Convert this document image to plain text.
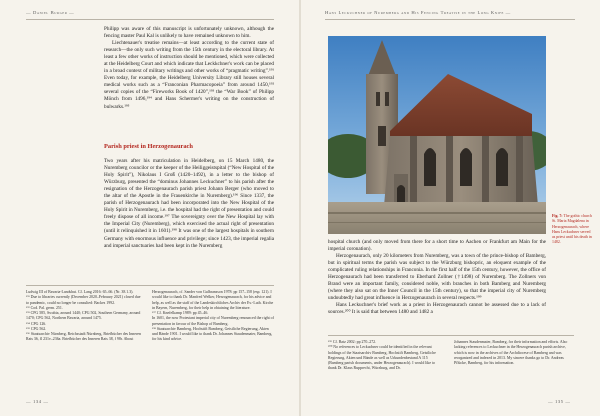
— Daniel Burger —

Philipp was aware of this manuscript is unfortunately unknown, although the fencing master Paul Kal is unlikely to have remained unknown to him.

Liechtenauer's treatise remains—at least according to the current state of research—the only such writing from the 15th century in the electoral library. At least a few other works of instruction should be mentioned, which were collected at the Heidelberg Court and which indicate that Leckkchner's work can be placed in a broad context of military writings and other works of “pragmatic writing”.¹⁹¹ Even today, for example, the Heidelberg University Library still houses several medical works such as a “Franconian Pharmacopoeia” from around 1450,¹⁹² several copies of the “Fireworks Book of 1420”,¹⁹³ the “War Book” of Philipp Mönch from 1496,¹⁹⁴ and Hans Schermer's writing on the construction of bulwarks.¹⁹⁵

Parish priest in Herzogenaurach

Two years after his matriculation in Heidelberg, on 15 March 1480, the Nuremberg councilor or the keeper of the Heiliggeistspital (“New Hospital of the Holy Spirit”), Nikolaus I Groß (1420–1492), in a letter to the bishop of Würzburg, presented the “dominus Johannes Leckuchner” to his parish after the resignation of the Herzogenaurach parish priest Johann Berger (who moved to the altar of the Apostle in the Frauenkirche in Nuremberg).¹⁹⁶ Since 1337, the parish of Herzogenaurach had been incorporated into the New Hospital of the Holy Spirit in Nuremberg, i.e. the hospital had the right of presentation and could freely dispose of all income.¹⁹⁷ The sovereignty over the New Hospital lay with the Imperial City (Nuremberg), which exercised the actual right of presentation (until it relinquished it in 1601).¹⁹⁸ It was one of the largest hospitals in southern Germany with enormous influence and privilege; since 1423, the imperial regalia and imperial sanctuaries had been kept in the Nuremberg

Ludwig III of Bavaria-Landshut. Cf. Lang 2016: 65–66. (Nr. 38.1.3).
¹⁹¹ Due to libraries currently (December 2020–February 2021) closed due to pandemic, could no longer be consulted: Backes 1992.
¹⁹² Cod. Pal. germ. 251.
¹⁹³ CPG 585, Swabia, around 1440; CPG 502, Southern Germany, around 1470; CPG 562, Northern Bavaria, around 1475.
¹⁹⁴ CPG 126.
¹⁹⁵ CPG 562.
¹⁹⁶ Staatsarchiv Nürnberg, Reichsstadt Nürnberg, Briefbücher des Inneren Rats 36, fl 231v–236a. Briefbücher des Inneren Rats 38, f 98r. About
Herzogenaurach, cf. Sander von Gulbransson 1978: pp 157–158 (esp. 121). I would like to thank Dr. Manfred Welker, Herzogenaurach, for his advice and help, as well as the staff of the Landeskirchliches Archiv der Ev.-Luth. Kirche in Bayern, Nuremberg, for their help in obtaining the literature.
¹⁹⁷ Cf. Knefelkamp 1989: pp 45–46.
In 1601, the now Protestant imperial city of Nuremberg renounced the right of presentation in favour of the Bishop of Bamberg.
¹⁹⁸ Staatsarchiv Bamberg, Hochstift Bamberg, Geistliche Regierung, Akten und Bände 1901. I would like to thank Dr. Johannes Staudenmaier, Bamberg, for his kind advice.
— 134 —
Hans Leckuchner of Nuremberg and His Fencing Treatise in the Long Knife —
Fig. 7: The gothic church St. Maria Magdalena in Herzogenaurach, where Hans Leckuchner served as priest until his death in 1482.

hospital church (and only moved from there for a short time to Aachen or Frankfurt am Main for the imperial coronation).

Herzogenaurach, only 20 kilometers from Nuremberg, was a town of the prince-bishop of Bamberg, but in spiritual terms the parish was subject to the Würzburg bishopric, an eloquent example of the complicated ruling relationships in Franconia. In the first half of the 15th century, however, the office of Herzogenaurach had been transferred to Eberhard Zollner (†1498) of Nuremberg. The Zollners von Brand were an important family, considered noble, with branches in both Bamberg and Nuremberg (where they also sat on the Inner Council in the 15th century), so that the imperial city of Nuremberg undoubtedly had great influence in Herzogenaurach in several respects.¹⁹⁹

Hans Leckuchner's brief work as a priest in Herzogenaurach cannot be assessed due to a lack of sources.²⁰⁰ It is said that between 1480 and 1482 a

¹⁹⁹ Cf. Batz 2002: pp 270–272.
²⁰⁰ No references to Leckuchner could be identified in the relevant holdings of the Staatsarchiv Bamberg, Hochstift Bamberg, Geistliche Regierung, Akten und Bände as well as Urkundenbestand A 115 (Bamberg parish documents, under Herzogenaurach). I would like to thank Dr. Klaus Rupprecht, Würzburg, and Dr.
Johannes Staudenmaier, Bamberg, for their information and efforts. Also lacking references to Leckuchner in the Herzogenaurach parish archive, which is now in the archives of the Archdiocese of Bamberg and was reorganized and indexed in 2013. My sincere thanks go to Dr. Andreas Pflücke, Bamberg, for his information.
— 135 —
